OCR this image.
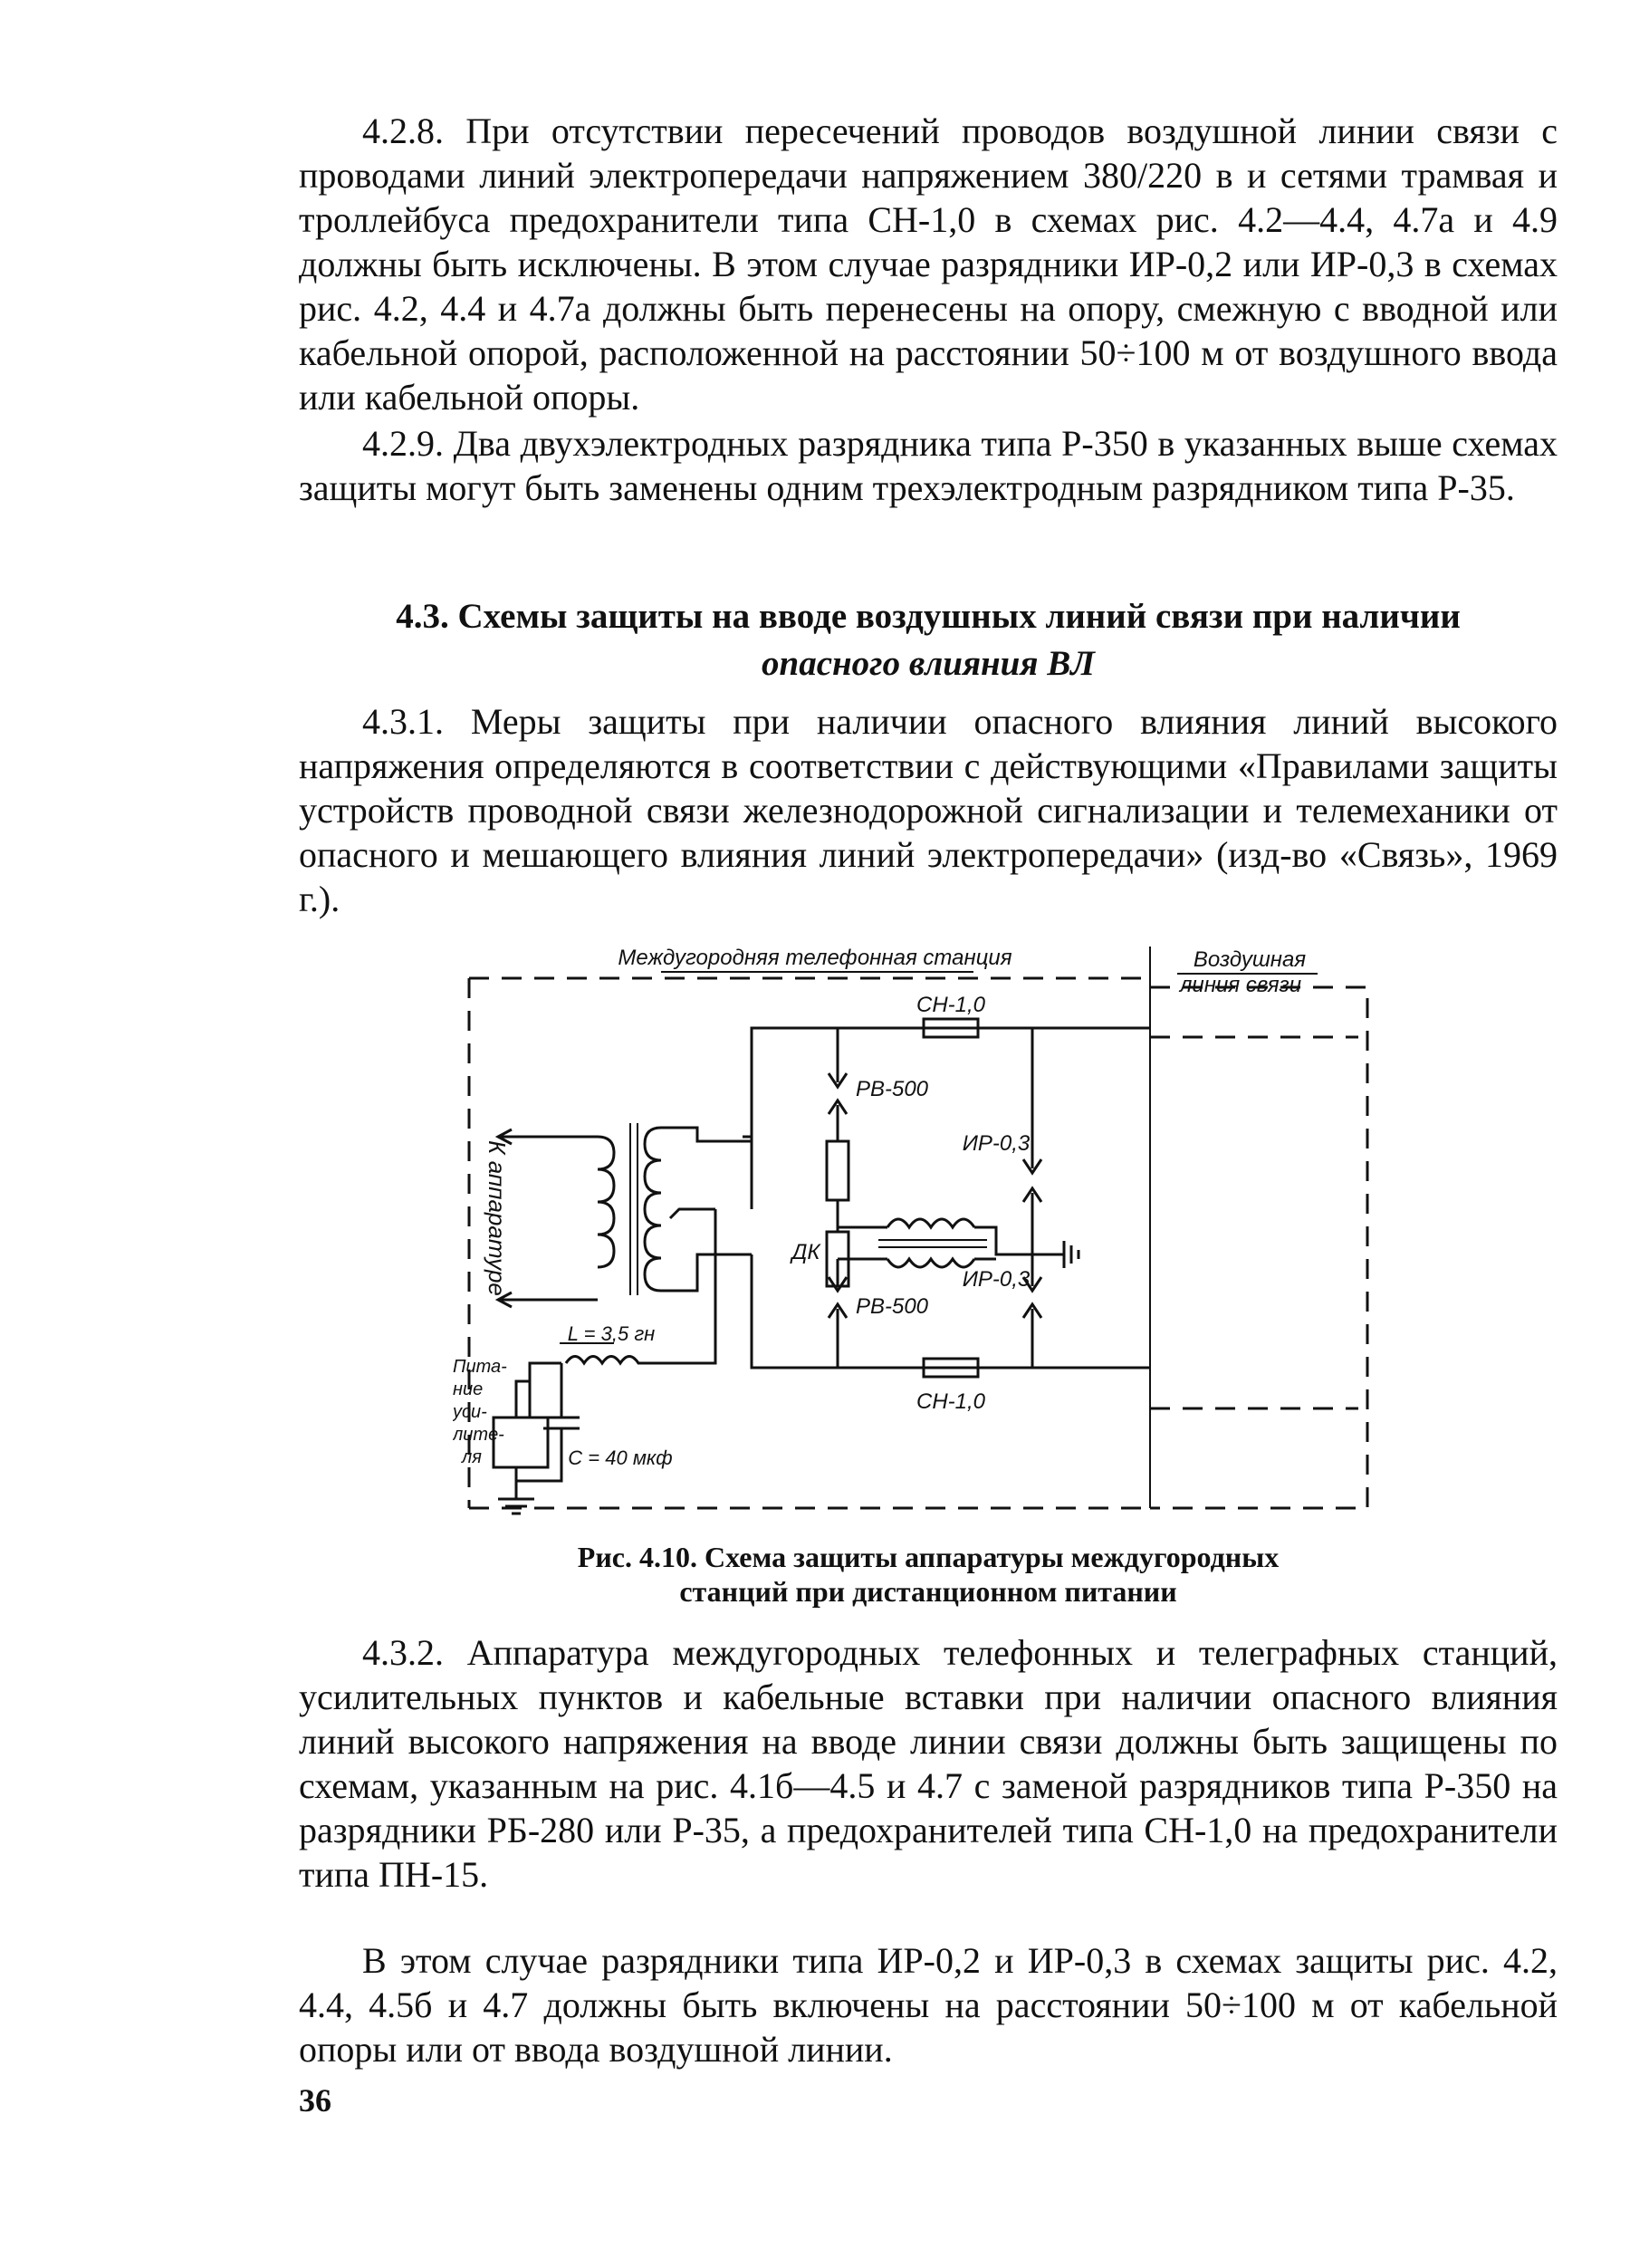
4.2.8. При отсутствии пересечений проводов воздушной линии связи с проводами линий электропередачи напряжением 380/220 в и сетями трамвая и троллейбуса предохранители типа СН-1,0 в схемах рис. 4.2—4.4, 4.7а и 4.9 должны быть исключены. В этом случае разрядники ИР-0,2 или ИР-0,3 в схемах рис. 4.2, 4.4 и 4.7а должны быть перенесены на опору, смежную с вводной или кабельной опорой, расположенной на расстоянии 50÷100 м от воздушного ввода или кабельной опоры.

4.2.9. Два двухэлектродных разрядника типа Р-350 в указанных выше схемах защиты могут быть заменены одним трехэлектродным разрядником типа Р-35.

4.3. Схемы защиты на вводе воздушных линий связи при наличии
опасного влияния ВЛ

4.3.1. Меры защиты при наличии опасного влияния линий высокого напряжения определяются в соответствии с действующими «Правилами защиты устройств проводной связи железнодорожной сигнализации и телемеханики от опасного и мешающего влияния линий электропередачи» (изд-во «Связь», 1969 г.).

Междугородняя телефонная станция	Воздушная
линия связи
СН-1,0
СН-1,0
РВ-500
РВ-500
ИР-0,3
ИР-0,3
ДК
К аппаратуре
L = 3,5 гн
С = 40 мкф
Пита-
ние
уси-
лите-
ля
Рис. 4.10. Схема защиты аппаратуры междугородных
станций при дистанционном питании

4.3.2. Аппаратура междугородных телефонных и телеграфных станций, усилительных пунктов и кабельные вставки при наличии опасного влияния линий высокого напряжения на вводе линии связи должны быть защищены по схемам, указанным на рис. 4.1б—4.5 и 4.7 с заменой разрядников типа Р-350 на разрядники РБ-280 или Р-35, а предохранителей типа СН-1,0 на предохранители типа ПН-15.

В этом случае разрядники типа ИР-0,2 и ИР-0,3 в схемах защиты рис. 4.2, 4.4, 4.5б и 4.7 должны быть включены на расстоянии 50÷100 м от кабельной опоры или от ввода воздушной линии.

36
